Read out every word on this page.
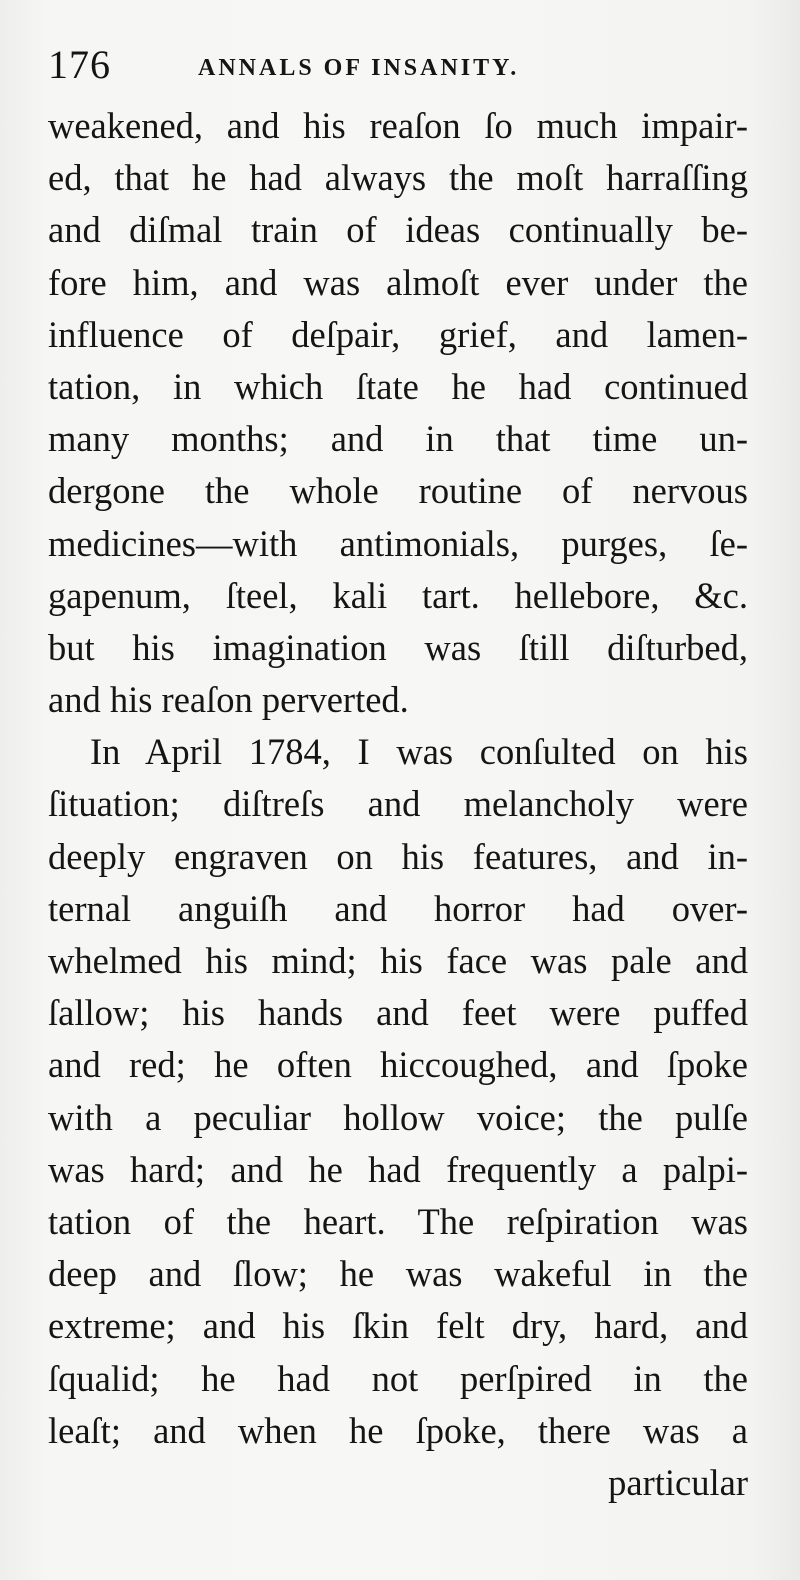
176	ANNALS OF INSANITY.
weakened, and his reaſon ſo much impair-
ed, that he had always the moſt harraſſing
and diſmal train of ideas continually be-
fore him, and was almoſt ever under the
influence of deſpair, grief, and lamen-
tation, in which ſtate he had continued
many months; and in that time un-
dergone the whole routine of nervous
medicines—with antimonials, purges, ſe-
gapenum, ſteel, kali tart. hellebore, &c.
but his imagination was ſtill diſturbed,
and his reaſon perverted.
In April 1784, I was conſulted on his
ſituation; diſtreſs and melancholy were
deeply engraven on his features, and in-
ternal anguiſh and horror had over-
whelmed his mind; his face was pale and
ſallow; his hands and feet were puffed
and red; he often hiccoughed, and ſpoke
with a peculiar hollow voice; the pulſe
was hard; and he had frequently a palpi-
tation of the heart. The reſpiration was
deep and ſlow; he was wakeful in the
extreme; and his ſkin felt dry, hard, and
ſqualid; he had not perſpired in the
leaſt; and when he ſpoke, there was a
particular
